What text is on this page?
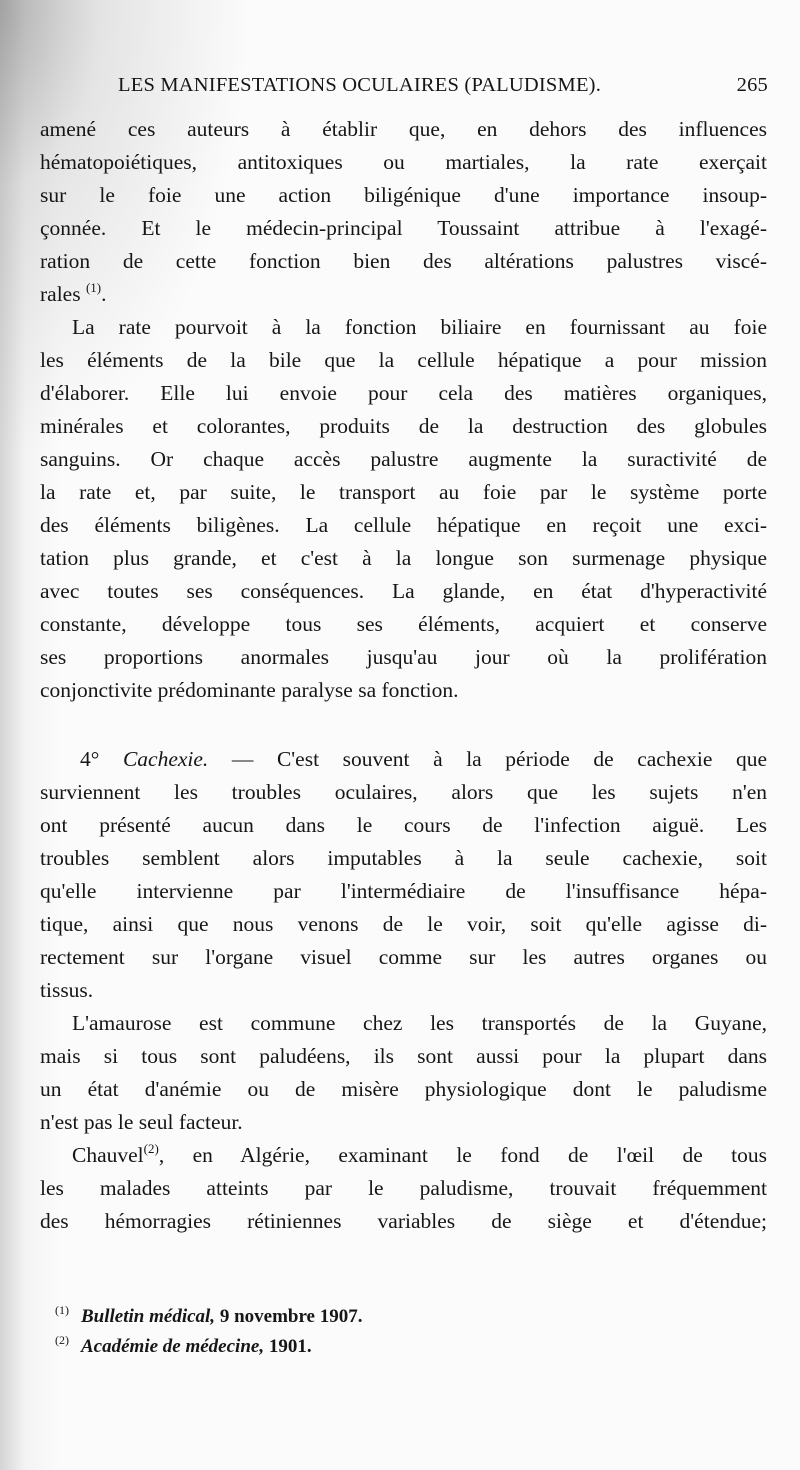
LES MANIFESTATIONS OCULAIRES (PALUDISME).	265
amené ces auteurs à établir que, en dehors des influences
hématopoiétiques, antitoxiques ou martiales, la rate exerçait
sur le foie une action biligénique d'une importance insoup-
çonnée. Et le médecin-principal Toussaint attribue à l'exagé-
ration de cette fonction bien des altérations palustres viscé-
rales $^{(1)}$.
La rate pourvoit à la fonction biliaire en fournissant au foie
les éléments de la bile que la cellule hépatique a pour mission
d'élaborer. Elle lui envoie pour cela des matières organiques,
minérales et colorantes, produits de la destruction des globules
sanguins. Or chaque accès palustre augmente la suractivité de
la rate et, par suite, le transport au foie par le système porte
des éléments biligènes. La cellule hépatique en reçoit une exci-
tation plus grande, et c'est à la longue son surmenage physique
avec toutes ses conséquences. La glande, en état d'hyperactivité
constante, développe tous ses éléments, acquiert et conserve
ses proportions anormales jusqu'au jour où la prolifération
conjonctivite prédominante paralyse sa fonction.
4° Cachexie. — C'est souvent à la période de cachexie que
surviennent les troubles oculaires, alors que les sujets n'en
ont présenté aucun dans le cours de l'infection aiguë. Les
troubles semblent alors imputables à la seule cachexie, soit
qu'elle intervienne par l'intermédiaire de l'insuffisance hépa-
tique, ainsi que nous venons de le voir, soit qu'elle agisse di-
rectement sur l'organe visuel comme sur les autres organes ou
tissus.
L'amaurose est commune chez les transportés de la Guyane,
mais si tous sont paludéens, ils sont aussi pour la plupart dans
un état d'anémie ou de misère physiologique dont le paludisme
n'est pas le seul facteur.
Chauvel$^{(2)}$, en Algérie, examinant le fond de l'œil de tous
les malades atteints par le paludisme, trouvait fréquemment
des hémorragies rétiniennes variables de siège et d'étendue;
$^{(1)}$ Bulletin médical, 9 novembre 1907.
$^{(2)}$ Académie de médecine, 1901.
